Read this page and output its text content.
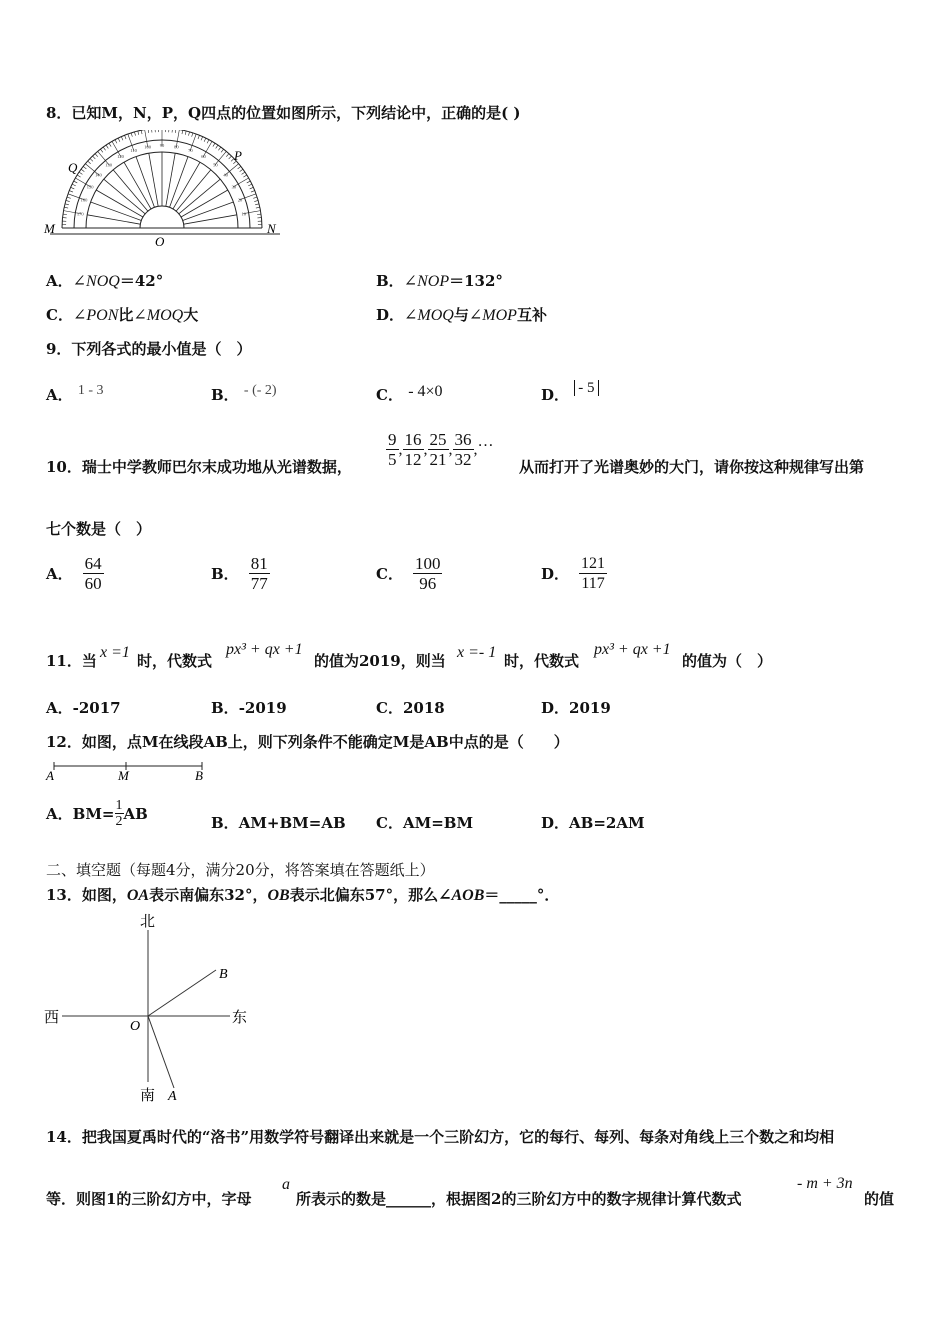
8．已知M，N，P，Q四点的位置如图所示，下列结论中，正确的是( )
10
20
30
40
50
60
70
80
90
100
110
120
130
140
150
160
170
Q
P
M	N
O
A．∠NOQ＝42°	B．∠NOP＝132°
C．∠PON比∠MOQ大	D．∠MOQ与∠MOP互补
9．下列各式的最小值是（　）
A． 1 - 3	B． - (- 2)	C． - 4×0	D． - 5
10．瑞士中学教师巴尔末成功地从光谱数据， $\frac{9}{5}$ , $\frac{16}{12}$ , $\frac{25}{21}$ , $\frac{36}{32}$ , …
从而打开了光谱奥妙的大门，请你按这种规律写出第
七个数是（　）
A． $\frac{64}{60}$	B． $\frac{81}{77}$	C． $\frac{100}{96}$	D． $\frac{121}{117}$
11．当 x =1 时，代数式
px³ + qx +1
的值为2019，则当 x =- 1 时，代数式
px³ + qx +1
的值为（　）
A．-2017	B．-2019	C．2018	D．2019
12．如图，点M在线段AB上，则下列条件不能确定M是AB中点的是（　　）
A	M	B
A． $BM= \frac{1}{2}$ AB
B．AM+BM=AB C．AM=BM	D．AB=2AM
二、填空题（每题4分，满分20分，将答案填在答题纸上）
13．如图，OA表示南偏东32°，OB表示北偏东57°，那么∠AOB＝_____°．
北
南
西	东
O
B
A
14．把我国夏禹时代的“洛书”用数学符号翻译出来就是一个三阶幻方，它的每行、每列、每条对角线上三个数之和均相
等．则图1的三阶幻方中，字母
a
所表示的数是______，根据图2的三阶幻方中的数字规律计算代数式
- m + 3n
的值
